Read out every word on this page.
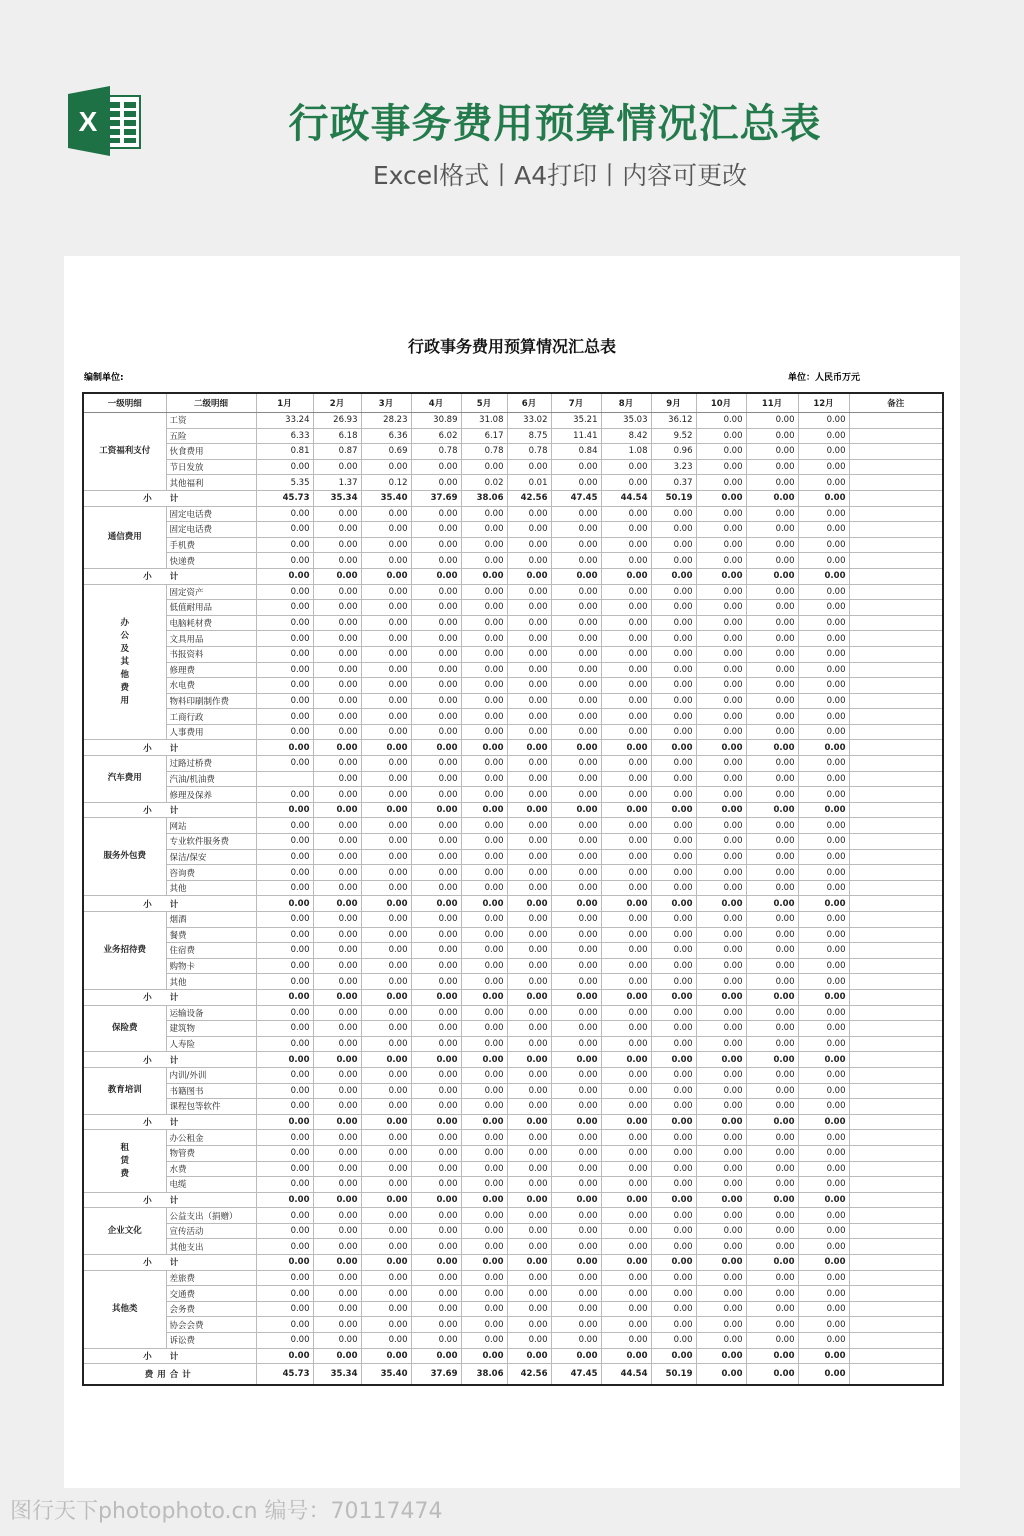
X	行政事务费用预算情况汇总表
Excel格式丨A4打印丨内容可更改
行政事务费用预算情况汇总表
编制单位:	单位：人民币万元
一级明细	二级明细	1月	2月	3月	4月	5月	6月	7月	8月	9月	10月	11月	12月	备注
工资福利支付	工资	33.24	26.93	28.23	30.89	31.08	33.02	35.21	35.03	36.12	0.00	0.00	0.00	
	五险	6.33	6.18	6.36	6.02	6.17	8.75	11.41	8.42	9.52	0.00	0.00	0.00	
	伙食费用	0.81	0.87	0.69	0.78	0.78	0.78	0.84	1.08	0.96	0.00	0.00	0.00	
	节日发放	0.00	0.00	0.00	0.00	0.00	0.00	0.00	0.00	3.23	0.00	0.00	0.00	
	其他福利	5.35	1.37	0.12	0.00	0.02	0.01	0.00	0.00	0.37	0.00	0.00	0.00	
小计		45.73	35.34	35.40	37.69	38.06	42.56	47.45	44.54	50.19	0.00	0.00	0.00	
通信费用	固定电话费	0.00	0.00	0.00	0.00	0.00	0.00	0.00	0.00	0.00	0.00	0.00	0.00	
	固定电话费	0.00	0.00	0.00	0.00	0.00	0.00	0.00	0.00	0.00	0.00	0.00	0.00	
	手机费	0.00	0.00	0.00	0.00	0.00	0.00	0.00	0.00	0.00	0.00	0.00	0.00	
	快递费	0.00	0.00	0.00	0.00	0.00	0.00	0.00	0.00	0.00	0.00	0.00	0.00	
小计		0.00	0.00	0.00	0.00	0.00	0.00	0.00	0.00	0.00	0.00	0.00	0.00	
办公及其他费用	固定资产	0.00	0.00	0.00	0.00	0.00	0.00	0.00	0.00	0.00	0.00	0.00	0.00	
	低值耐用品	0.00	0.00	0.00	0.00	0.00	0.00	0.00	0.00	0.00	0.00	0.00	0.00	
	电脑耗材费	0.00	0.00	0.00	0.00	0.00	0.00	0.00	0.00	0.00	0.00	0.00	0.00	
	文具用品	0.00	0.00	0.00	0.00	0.00	0.00	0.00	0.00	0.00	0.00	0.00	0.00	
	书报资料	0.00	0.00	0.00	0.00	0.00	0.00	0.00	0.00	0.00	0.00	0.00	0.00	
	修理费	0.00	0.00	0.00	0.00	0.00	0.00	0.00	0.00	0.00	0.00	0.00	0.00	
	水电费	0.00	0.00	0.00	0.00	0.00	0.00	0.00	0.00	0.00	0.00	0.00	0.00	
	物料印刷制作费	0.00	0.00	0.00	0.00	0.00	0.00	0.00	0.00	0.00	0.00	0.00	0.00	
	工商行政	0.00	0.00	0.00	0.00	0.00	0.00	0.00	0.00	0.00	0.00	0.00	0.00	
	人事费用	0.00	0.00	0.00	0.00	0.00	0.00	0.00	0.00	0.00	0.00	0.00	0.00	
小计		0.00	0.00	0.00	0.00	0.00	0.00	0.00	0.00	0.00	0.00	0.00	0.00	
汽车费用	过路过桥费	0.00	0.00	0.00	0.00	0.00	0.00	0.00	0.00	0.00	0.00	0.00	0.00	
	汽油/机油费		0.00	0.00	0.00	0.00	0.00	0.00	0.00	0.00	0.00	0.00	0.00	
	修理及保养	0.00	0.00	0.00	0.00	0.00	0.00	0.00	0.00	0.00	0.00	0.00	0.00	
小计		0.00	0.00	0.00	0.00	0.00	0.00	0.00	0.00	0.00	0.00	0.00	0.00	
服务外包费	网站	0.00	0.00	0.00	0.00	0.00	0.00	0.00	0.00	0.00	0.00	0.00	0.00	
	专业软件服务费	0.00	0.00	0.00	0.00	0.00	0.00	0.00	0.00	0.00	0.00	0.00	0.00	
	保洁/保安	0.00	0.00	0.00	0.00	0.00	0.00	0.00	0.00	0.00	0.00	0.00	0.00	
	咨询费	0.00	0.00	0.00	0.00	0.00	0.00	0.00	0.00	0.00	0.00	0.00	0.00	
	其他	0.00	0.00	0.00	0.00	0.00	0.00	0.00	0.00	0.00	0.00	0.00	0.00	
小计		0.00	0.00	0.00	0.00	0.00	0.00	0.00	0.00	0.00	0.00	0.00	0.00	
业务招待费	烟酒	0.00	0.00	0.00	0.00	0.00	0.00	0.00	0.00	0.00	0.00	0.00	0.00	
	餐费	0.00	0.00	0.00	0.00	0.00	0.00	0.00	0.00	0.00	0.00	0.00	0.00	
	住宿费	0.00	0.00	0.00	0.00	0.00	0.00	0.00	0.00	0.00	0.00	0.00	0.00	
	购物卡	0.00	0.00	0.00	0.00	0.00	0.00	0.00	0.00	0.00	0.00	0.00	0.00	
	其他	0.00	0.00	0.00	0.00	0.00	0.00	0.00	0.00	0.00	0.00	0.00	0.00	
小计		0.00	0.00	0.00	0.00	0.00	0.00	0.00	0.00	0.00	0.00	0.00	0.00	
保险费	运输设备	0.00	0.00	0.00	0.00	0.00	0.00	0.00	0.00	0.00	0.00	0.00	0.00	
	建筑物	0.00	0.00	0.00	0.00	0.00	0.00	0.00	0.00	0.00	0.00	0.00	0.00	
	人寿险	0.00	0.00	0.00	0.00	0.00	0.00	0.00	0.00	0.00	0.00	0.00	0.00	
小计		0.00	0.00	0.00	0.00	0.00	0.00	0.00	0.00	0.00	0.00	0.00	0.00	
教育培训	内训/外训	0.00	0.00	0.00	0.00	0.00	0.00	0.00	0.00	0.00	0.00	0.00	0.00	
	书籍图书	0.00	0.00	0.00	0.00	0.00	0.00	0.00	0.00	0.00	0.00	0.00	0.00	
	课程包等软件	0.00	0.00	0.00	0.00	0.00	0.00	0.00	0.00	0.00	0.00	0.00	0.00	
小计		0.00	0.00	0.00	0.00	0.00	0.00	0.00	0.00	0.00	0.00	0.00	0.00	
租赁费	办公租金	0.00	0.00	0.00	0.00	0.00	0.00	0.00	0.00	0.00	0.00	0.00	0.00	
	物管费	0.00	0.00	0.00	0.00	0.00	0.00	0.00	0.00	0.00	0.00	0.00	0.00	
	水费	0.00	0.00	0.00	0.00	0.00	0.00	0.00	0.00	0.00	0.00	0.00	0.00	
	电缆	0.00	0.00	0.00	0.00	0.00	0.00	0.00	0.00	0.00	0.00	0.00	0.00	
小计		0.00	0.00	0.00	0.00	0.00	0.00	0.00	0.00	0.00	0.00	0.00	0.00	
企业文化	公益支出（捐赠）	0.00	0.00	0.00	0.00	0.00	0.00	0.00	0.00	0.00	0.00	0.00	0.00	
	宣传活动	0.00	0.00	0.00	0.00	0.00	0.00	0.00	0.00	0.00	0.00	0.00	0.00	
	其他支出	0.00	0.00	0.00	0.00	0.00	0.00	0.00	0.00	0.00	0.00	0.00	0.00	
小计		0.00	0.00	0.00	0.00	0.00	0.00	0.00	0.00	0.00	0.00	0.00	0.00	
其他类	差旅费	0.00	0.00	0.00	0.00	0.00	0.00	0.00	0.00	0.00	0.00	0.00	0.00	
	交通费	0.00	0.00	0.00	0.00	0.00	0.00	0.00	0.00	0.00	0.00	0.00	0.00	
	会务费	0.00	0.00	0.00	0.00	0.00	0.00	0.00	0.00	0.00	0.00	0.00	0.00	
	协会会费	0.00	0.00	0.00	0.00	0.00	0.00	0.00	0.00	0.00	0.00	0.00	0.00	
	诉讼费	0.00	0.00	0.00	0.00	0.00	0.00	0.00	0.00	0.00	0.00	0.00	0.00	
小计		0.00	0.00	0.00	0.00	0.00	0.00	0.00	0.00	0.00	0.00	0.00	0.00	
费用合计		45.73	35.34	35.40	37.69	38.06	42.56	47.45	44.54	50.19	0.00	0.00	0.00	
图行天下photophoto.cn 编号：70117474
